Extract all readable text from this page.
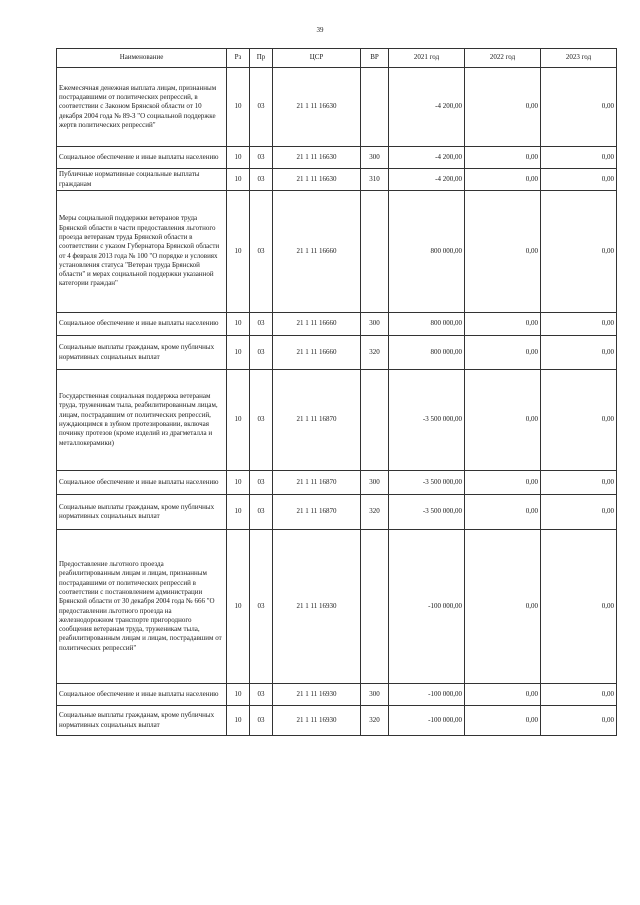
39
Наименование	Рз	Пр	ЦСР	ВР	2021 год	2022 год	2023 год
Ежемесячная денежная выплата лицам, признанным пострадавшими от политических репрессий, в соответствии с Законом Брянской области от 10 декабря 2004 года № 89-З "О социальной поддержке жертв политических репрессий"	10	03	21 1 11 16630		-4 200,00	0,00	0,00
Социальное обеспечение и иные выплаты населению	10	03	21 1 11 16630	300	-4 200,00	0,00	0,00
Публичные нормативные социальные выплаты гражданам	10	03	21 1 11 16630	310	-4 200,00	0,00	0,00
Меры социальной поддержки ветеранов труда Брянской области в части предоставления льготного проезда ветеранам труда Брянской области в соответствии с указом Губернатора Брянской области от 4 февраля 2013 года № 100 "О порядке и условиях установления статуса "Ветеран труда Брянской области" и мерах социальной поддержки указанной категории граждан"	10	03	21 1 11 16660		800 000,00	0,00	0,00
Социальное обеспечение и иные выплаты населению	10	03	21 1 11 16660	300	800 000,00	0,00	0,00
Социальные выплаты гражданам, кроме публичных нормативных социальных выплат	10	03	21 1 11 16660	320	800 000,00	0,00	0,00
Государственная социальная поддержка ветеранам труда, труженикам тыла, реабилитированным лицам, лицам, пострадавшим от политических репрессий, нуждающимся в зубном протезировании, включая починку протезов (кроме изделий из драгметалла и металлокерамики)	10	03	21 1 11 16870		-3 500 000,00	0,00	0,00
Социальное обеспечение и иные выплаты населению	10	03	21 1 11 16870	300	-3 500 000,00	0,00	0,00
Социальные выплаты гражданам, кроме публичных нормативных социальных выплат	10	03	21 1 11 16870	320	-3 500 000,00	0,00	0,00
Предоставление льготного проезда реабилитированным лицам и лицам, признанным пострадавшими от политических репрессий в соответствии с постановлением администрации Брянской области от 30 декабря 2004 года № 666 "О предоставлении льготного проезда на железнодорожном транспорте пригородного сообщения ветеранам труда, труженикам тыла, реабилитированным лицам и лицам, пострадавшим от политических репрессий"	10	03	21 1 11 16930		-100 000,00	0,00	0,00
Социальное обеспечение и иные выплаты населению	10	03	21 1 11 16930	300	-100 000,00	0,00	0,00
Социальные выплаты гражданам, кроме публичных нормативных социальных выплат	10	03	21 1 11 16930	320	-100 000,00	0,00	0,00
